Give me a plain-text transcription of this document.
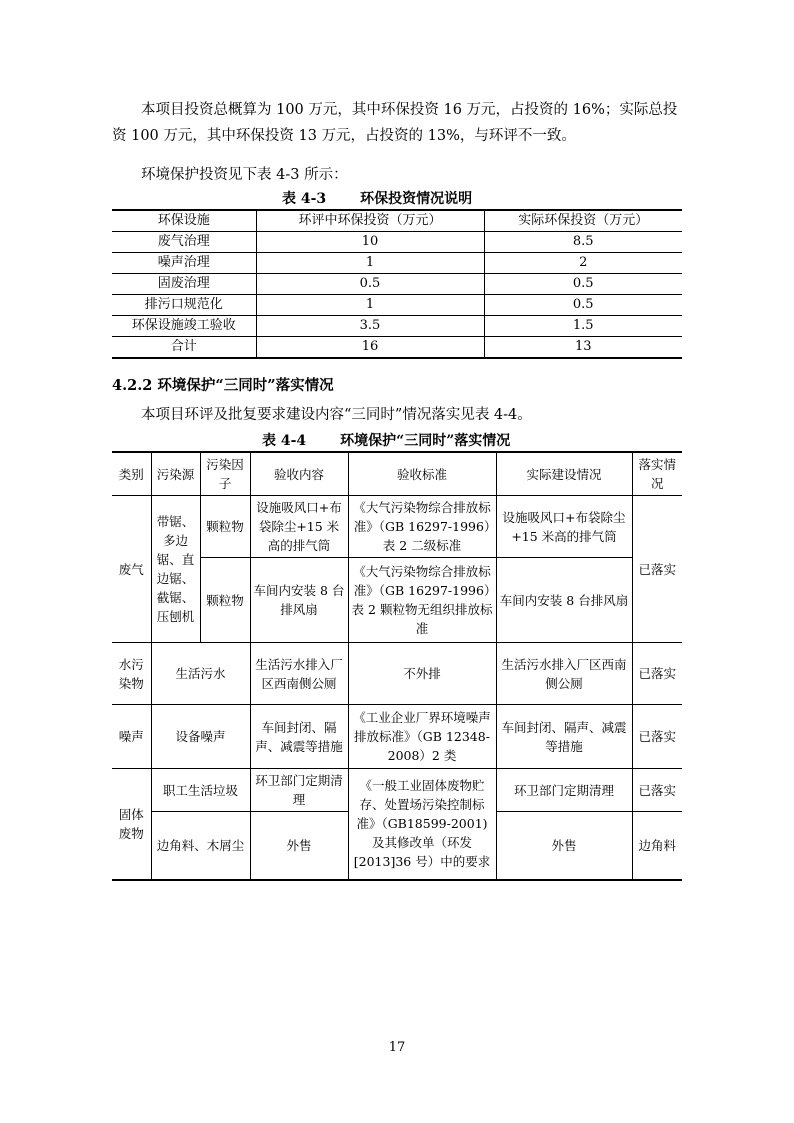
本项目投资总概算为 100 万元，其中环保投资 16 万元，占投资的 16%；实际总投资 100 万元，其中环保投资 13 万元，占投资的 13%，与环评不一致。

环境保护投资见下表 4-3 所示：

表 4-3 环保投资情况说明
环保设施	环评中环保投资（万元）	实际环保投资（万元）
废气治理	10	8.5
噪声治理	1	2
固废治理	0.5	0.5
排污口规范化	1	0.5
环保设施竣工验收	3.5	1.5
合计	16	13
4.2.2 环境保护“三同时”落实情况

本项目环评及批复要求建设内容“三同时”情况落实见表 4-4。

表 4-4 环境保护“三同时”落实情况
类别	污染源	污染因子	验收内容	验收标准	实际建设情况	落实情况
废气	带锯、多边锯、直边锯、截锯、压刨机	颗粒物	设施吸风口+布袋除尘+15 米高的排气筒	《大气污染物综合排放标准》（GB 16297-1996）表 2 二级标准	设施吸风口+布袋除尘+15 米高的排气筒	已落实
		颗粒物	车间内安装 8 台排风扇	《大气污染物综合排放标准》（GB 16297-1996）表 2 颗粒物无组织排放标准	车间内安装 8 台排风扇	
水污染物	生活污水		生活污水排入厂区西南侧公厕	不外排	生活污水排入厂区西南侧公厕	已落实
噪声	设备噪声		车间封闭、隔声、减震等措施	《工业企业厂界环境噪声排放标准》（GB 12348-2008）2 类	车间封闭、隔声、减震等措施	已落实
固体废物	职工生活垃圾		环卫部门定期清理	《一般工业固体废物贮存、处置场污染控制标准》（GB18599-2001)及其修改单（环发[2013]36 号）中的要求	环卫部门定期清理	已落实
	边角料、木屑尘		外售		外售	边角料
17
